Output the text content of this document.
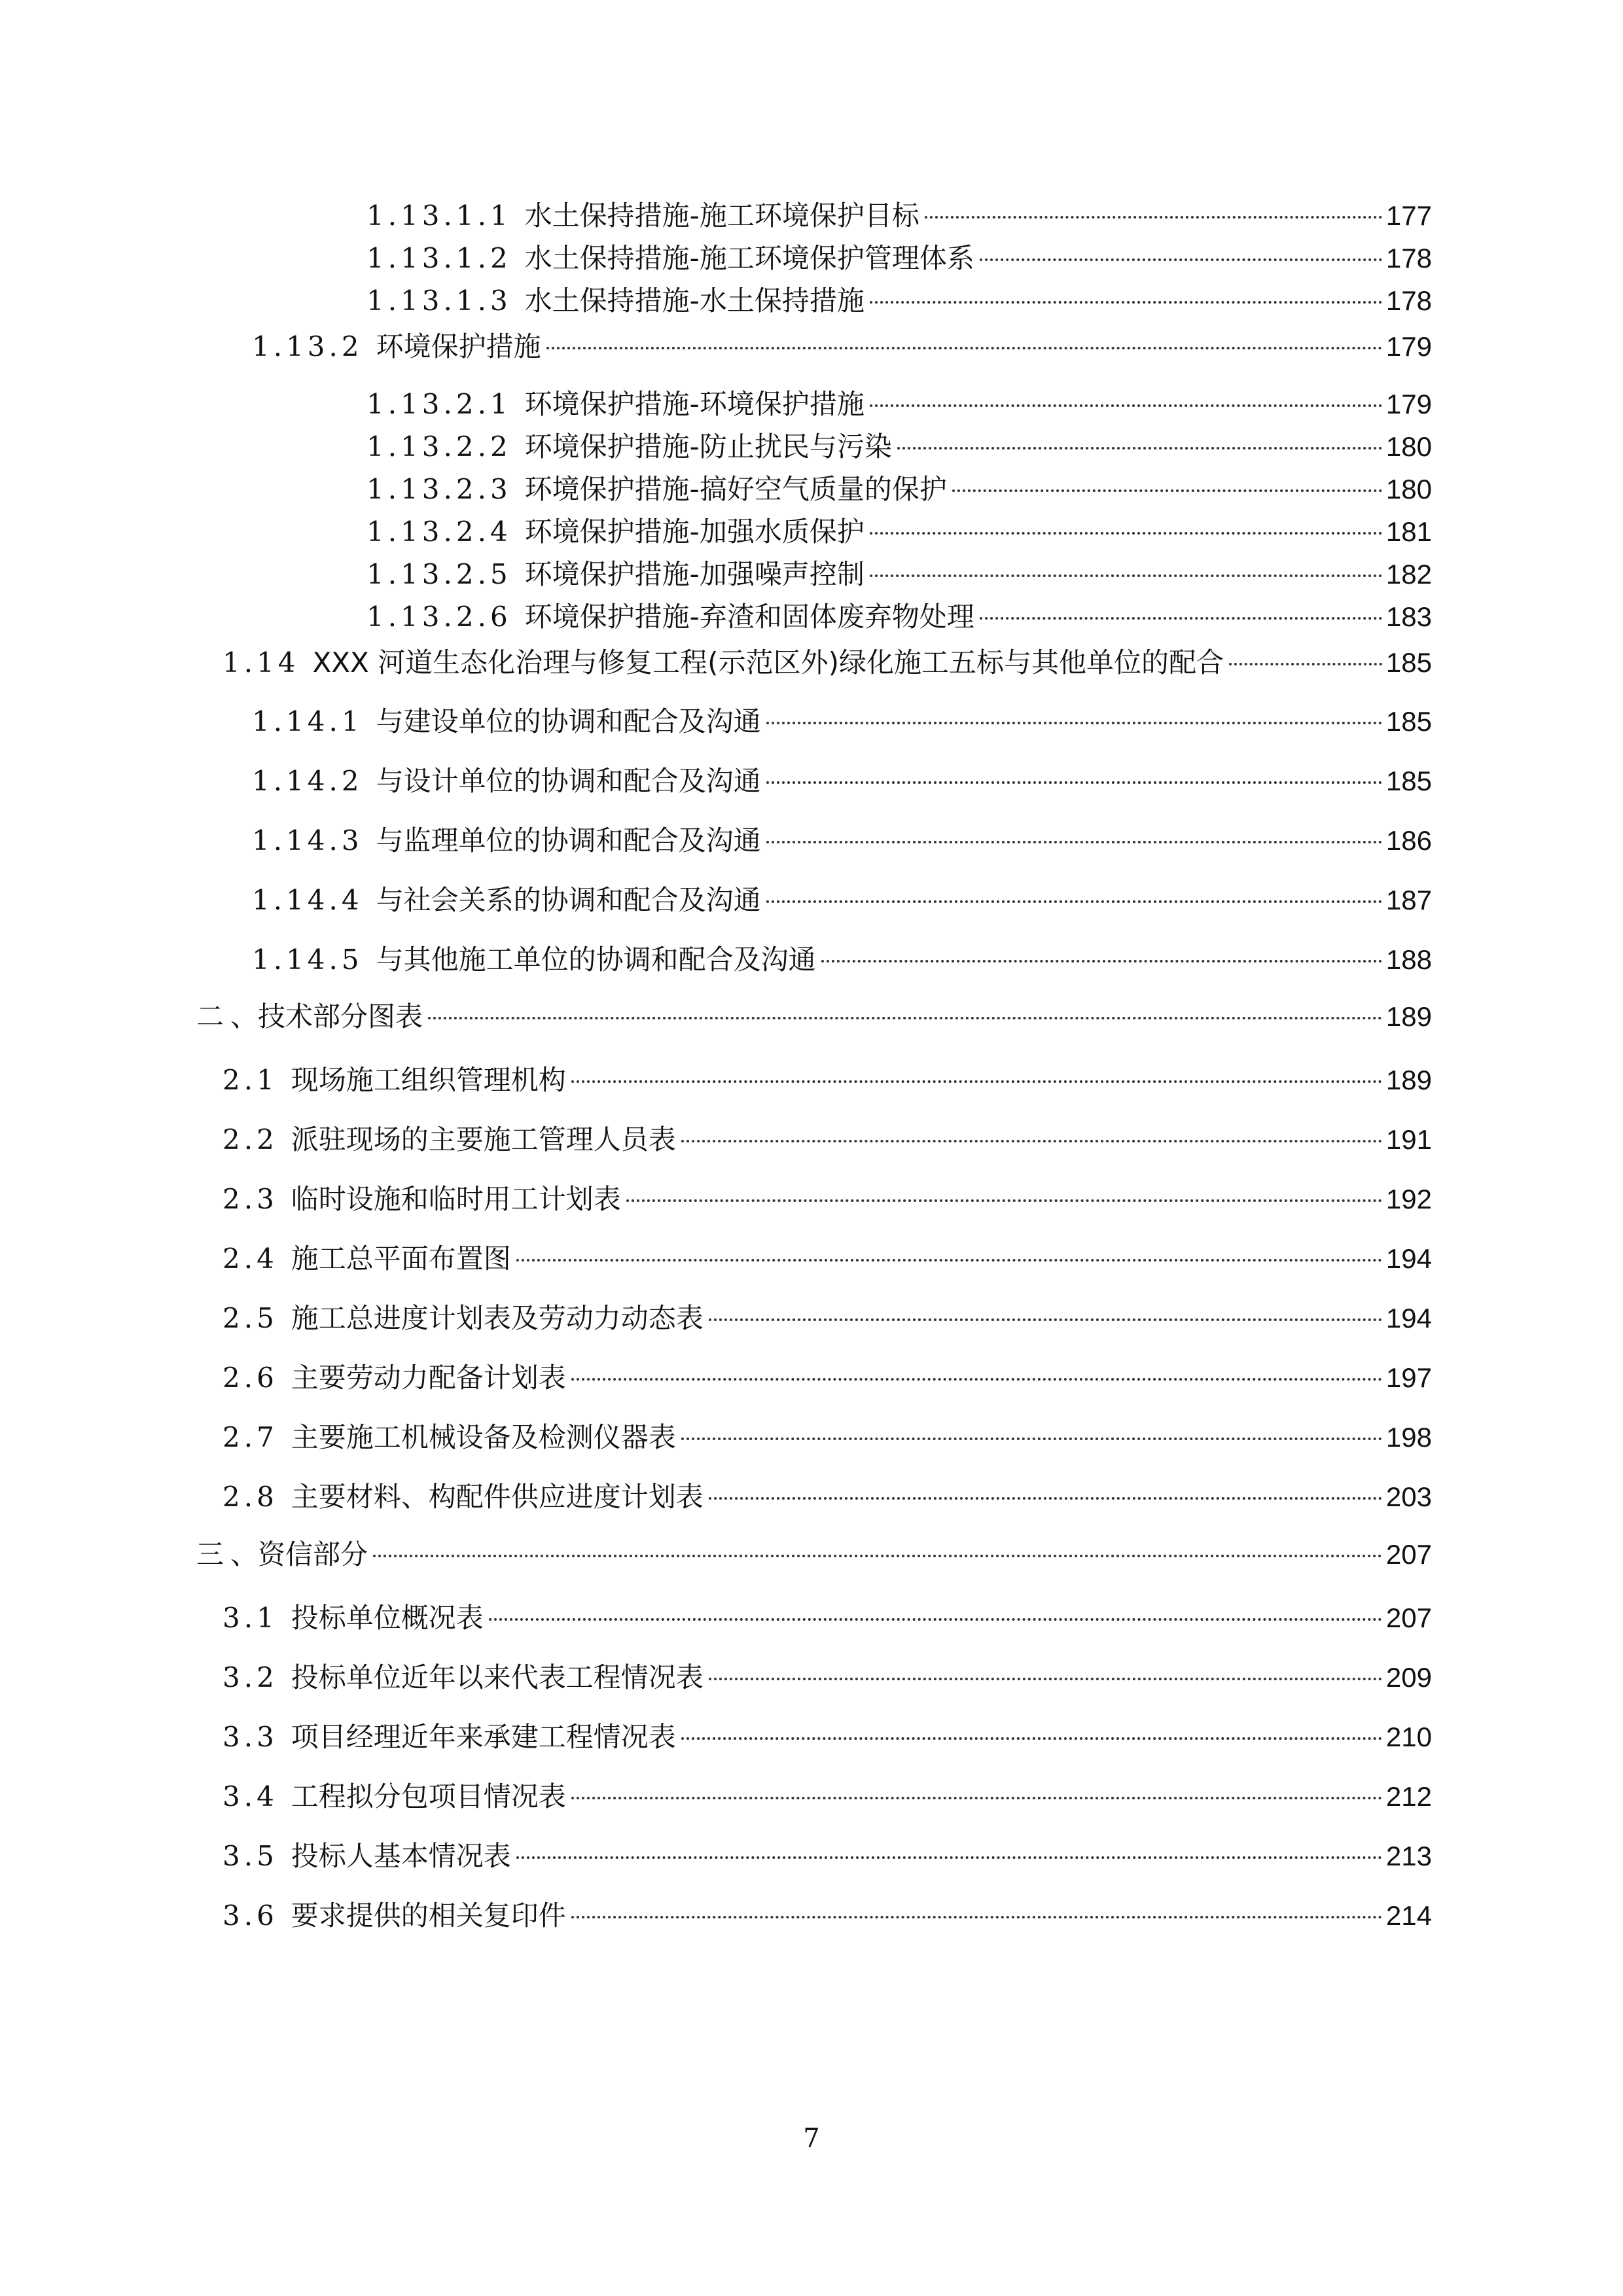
1.13.1.1 水土保持措施-施工环境保护目标	177
1.13.1.2 水土保持措施-施工环境保护管理体系	178
1.13.1.3 水土保持措施-水土保持措施	178
1.13.2 环境保护措施	179
1.13.2.1 环境保护措施-环境保护措施	179
1.13.2.2 环境保护措施-防止扰民与污染	180
1.13.2.3 环境保护措施-搞好空气质量的保护	180
1.13.2.4 环境保护措施-加强水质保护	181
1.13.2.5 环境保护措施-加强噪声控制	182
1.13.2.6 环境保护措施-弃渣和固体废弃物处理	183
1.14 XXX 河道生态化治理与修复工程(示范区外)绿化施工五标与其他单位的配合	185
1.14.1 与建设单位的协调和配合及沟通	185
1.14.2 与设计单位的协调和配合及沟通	185
1.14.3 与监理单位的协调和配合及沟通	186
1.14.4 与社会关系的协调和配合及沟通	187
1.14.5 与其他施工单位的协调和配合及沟通	188
二 、技术部分图表	189
2.1 现场施工组织管理机构	189
2.2 派驻现场的主要施工管理人员表	191
2.3 临时设施和临时用工计划表	192
2.4 施工总平面布置图	194
2.5 施工总进度计划表及劳动力动态表	194
2.6 主要劳动力配备计划表	197
2.7 主要施工机械设备及检测仪器表	198
2.8 主要材料、构配件供应进度计划表	203
三 、资信部分	207
3.1 投标单位概况表	207
3.2 投标单位近年以来代表工程情况表	209
3.3 项目经理近年来承建工程情况表	210
3.4 工程拟分包项目情况表	212
3.5 投标人基本情况表	213
3.6 要求提供的相关复印件	214
7
